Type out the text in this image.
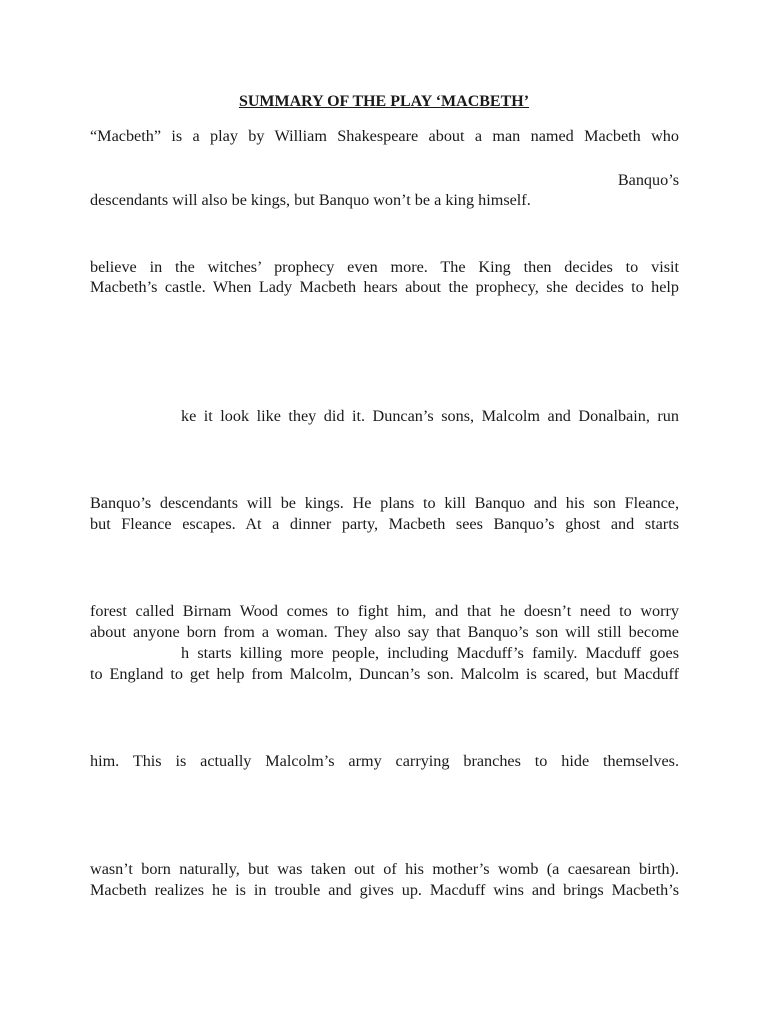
SUMMARY OF THE PLAY ‘MACBETH’
“Macbeth” is a play by William Shakespeare about a man named Macbeth who
Banquo’s
descendants will also be kings, but Banquo won’t be a king himself.
believe in the witches’ prophecy even more. The King then decides to visit
Macbeth’s castle. When Lady Macbeth hears about the prophecy, she decides to help
ke it look like they did it. Duncan’s sons, Malcolm and Donalbain, run
Banquo’s descendants will be kings. He plans to kill Banquo and his son Fleance,
but Fleance escapes. At a dinner party, Macbeth sees Banquo’s ghost and starts
forest called Birnam Wood comes to fight him, and that he doesn’t need to worry
about anyone born from a woman. They also say that Banquo’s son will still become
h starts killing more people, including Macduff’s family. Macduff goes
to England to get help from Malcolm, Duncan’s son. Malcolm is scared, but Macduff
him. This is actually Malcolm’s army carrying branches to hide themselves.
wasn’t born naturally, but was taken out of his mother’s womb (a caesarean birth).
Macbeth realizes he is in trouble and gives up. Macduff wins and brings Macbeth’s
